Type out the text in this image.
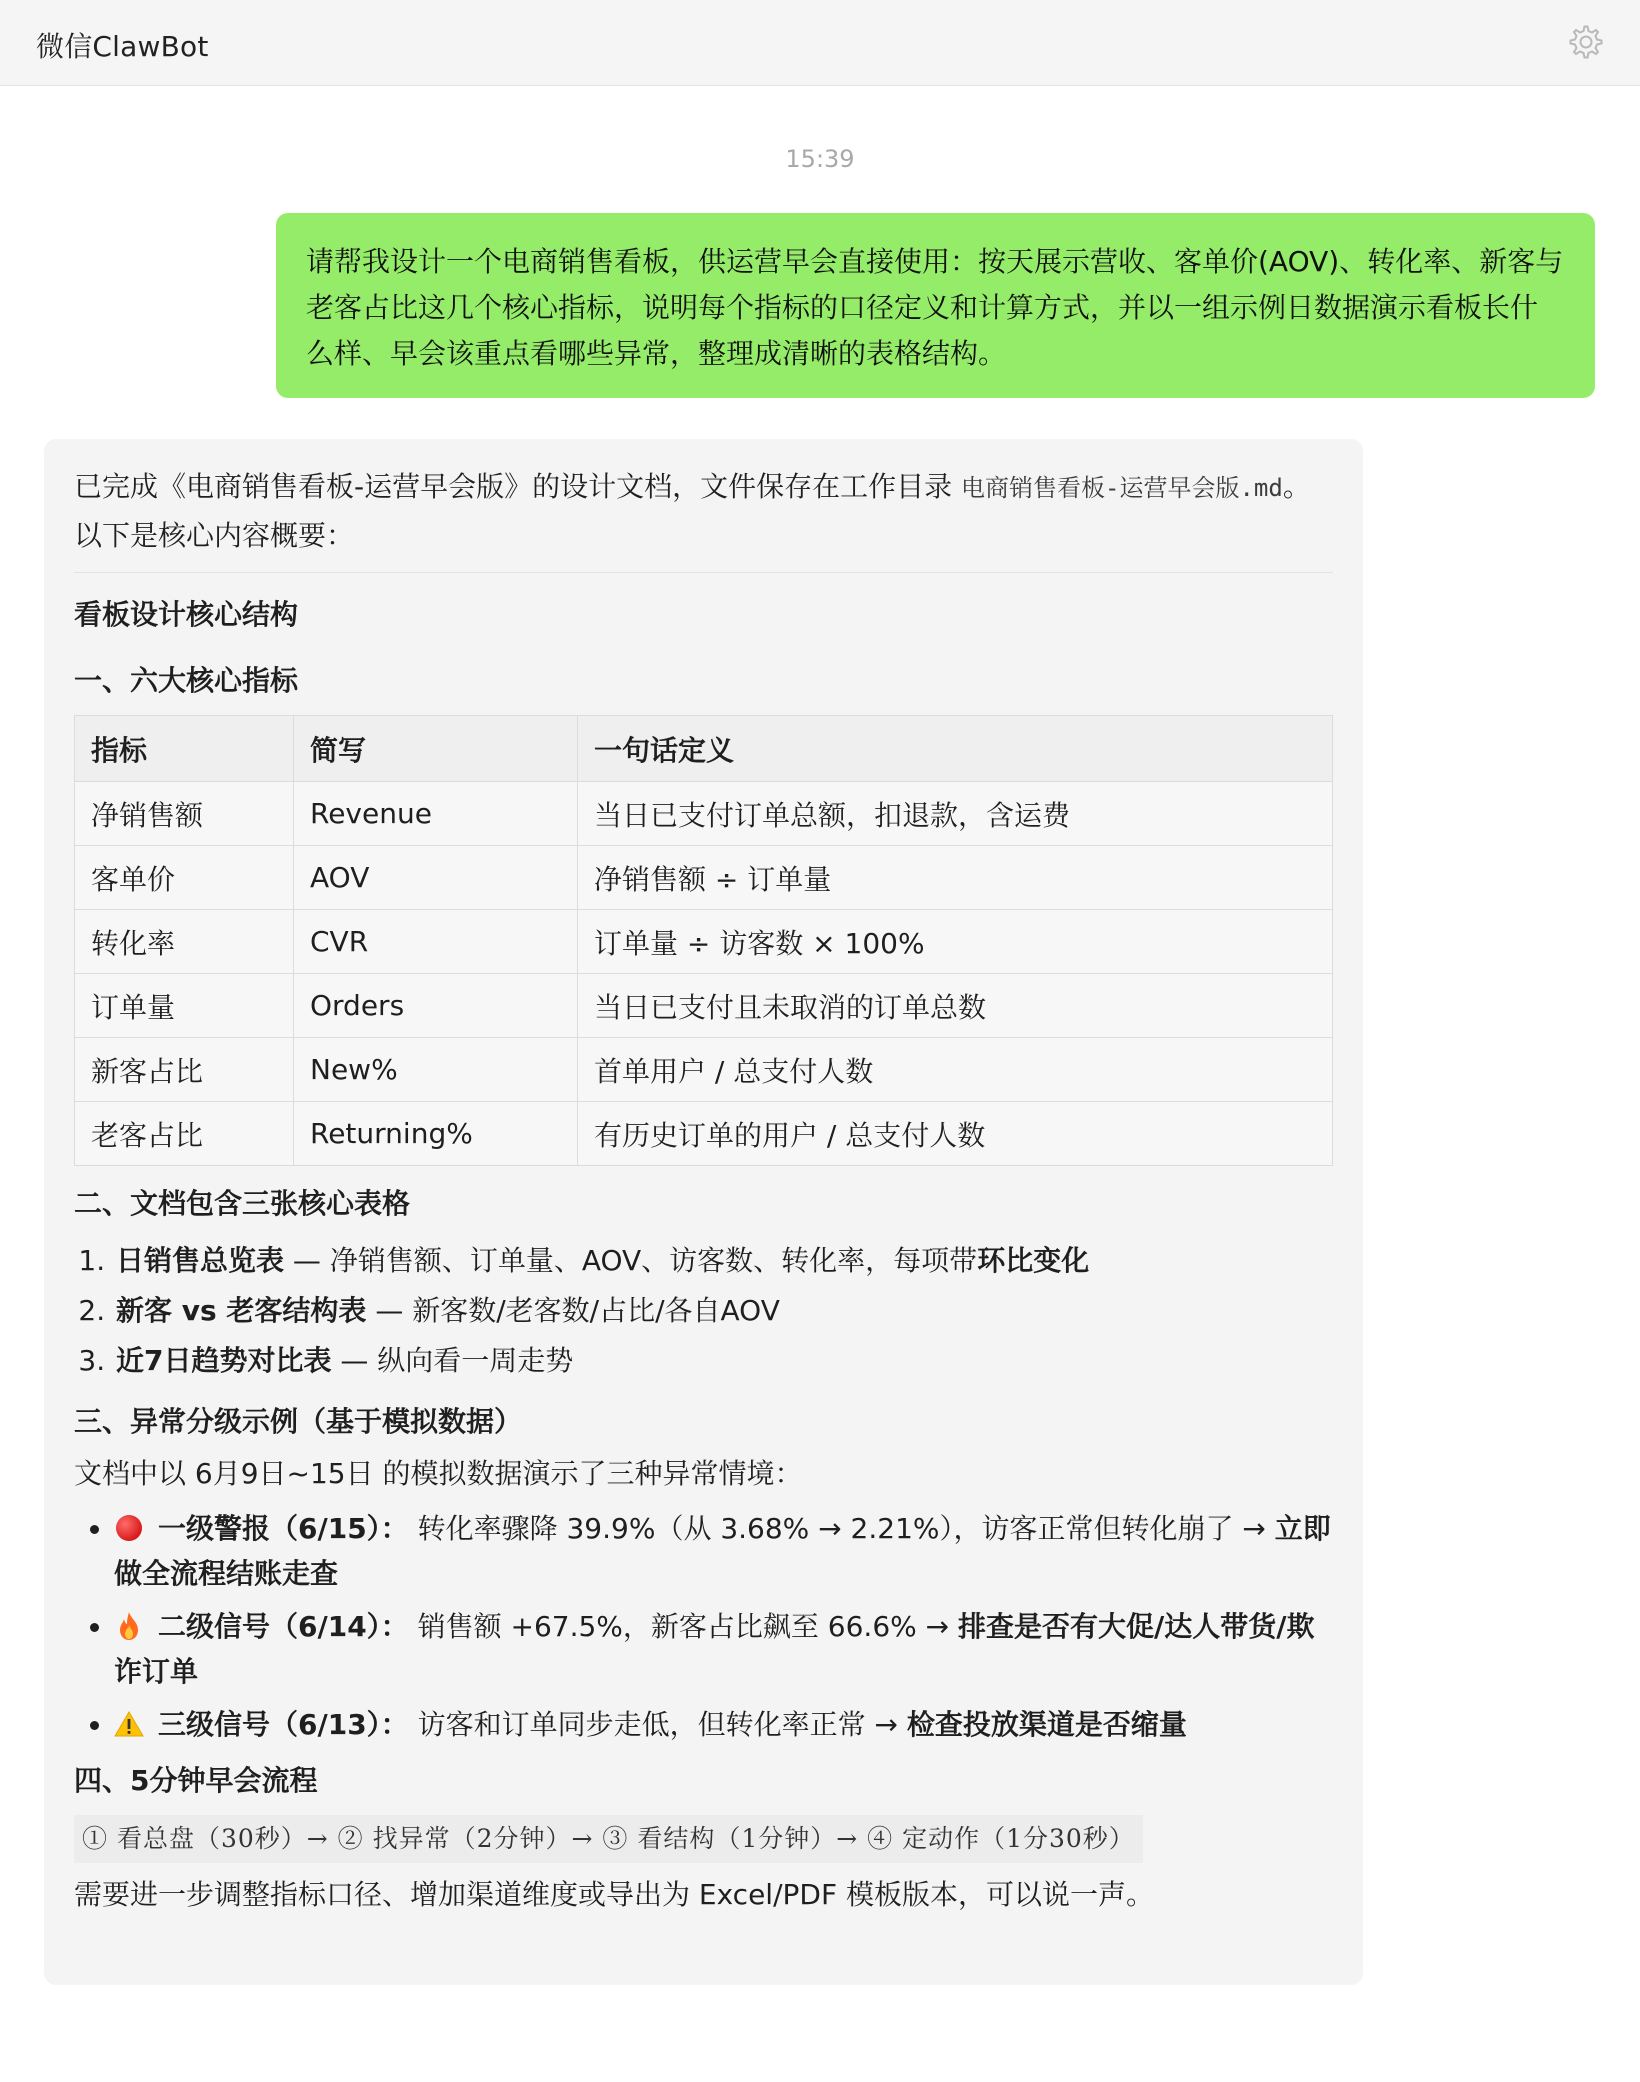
微信ClawBot
15:39
请帮我设计一个电商销售看板，供运营早会直接使用：按天展示营收、客单价(AOV)、转化率、新客与老客占比这几个核心指标，说明每个指标的口径定义和计算方式，并以一组示例日数据演示看板长什么样、早会该重点看哪些异常，整理成清晰的表格结构。

已完成《电商销售看板-运营早会版》的设计文档，文件保存在工作目录 电商销售看板-运营早会版.md。以下是核心内容概要：

看板设计核心结构

一、六大核心指标

指标	简写	一句话定义
净销售额	Revenue	当日已支付订单总额，扣退款，含运费
客单价	AOV	净销售额 ÷ 订单量
转化率	CVR	订单量 ÷ 访客数 × 100%
订单量	Orders	当日已支付且未取消的订单总数
新客占比	New%	首单用户 / 总支付人数
老客占比	Returning%	有历史订单的用户 / 总支付人数

二、文档包含三张核心表格

1. 日销售总览表 — 净销售额、订单量、AOV、访客数、转化率，每项带环比变化
2. 新客 vs 老客结构表 — 新客数/老客数/占比/各自AOV
3. 近7日趋势对比表 — 纵向看一周走势

三、异常分级示例（基于模拟数据）

文档中以 6月9日~15日 的模拟数据演示了三种异常情境：

• 一级警报（6/15）： 转化率骤降 39.9%（从 3.68% → 2.21%），访客正常但转化崩了 → 立即做全流程结账走查
• 二级信号（6/14）： 销售额 +67.5%，新客占比飙至 66.6% → 排查是否有大促/达人带货/欺诈订单
• 三级信号（6/13）： 访客和订单同步走低，但转化率正常 → 检查投放渠道是否缩量

四、5分钟早会流程

① 看总盘（30秒）→ ② 找异常（2分钟）→ ③ 看结构（1分钟）→ ④ 定动作（1分30秒）

需要进一步调整指标口径、增加渠道维度或导出为 Excel/PDF 模板版本，可以说一声。
